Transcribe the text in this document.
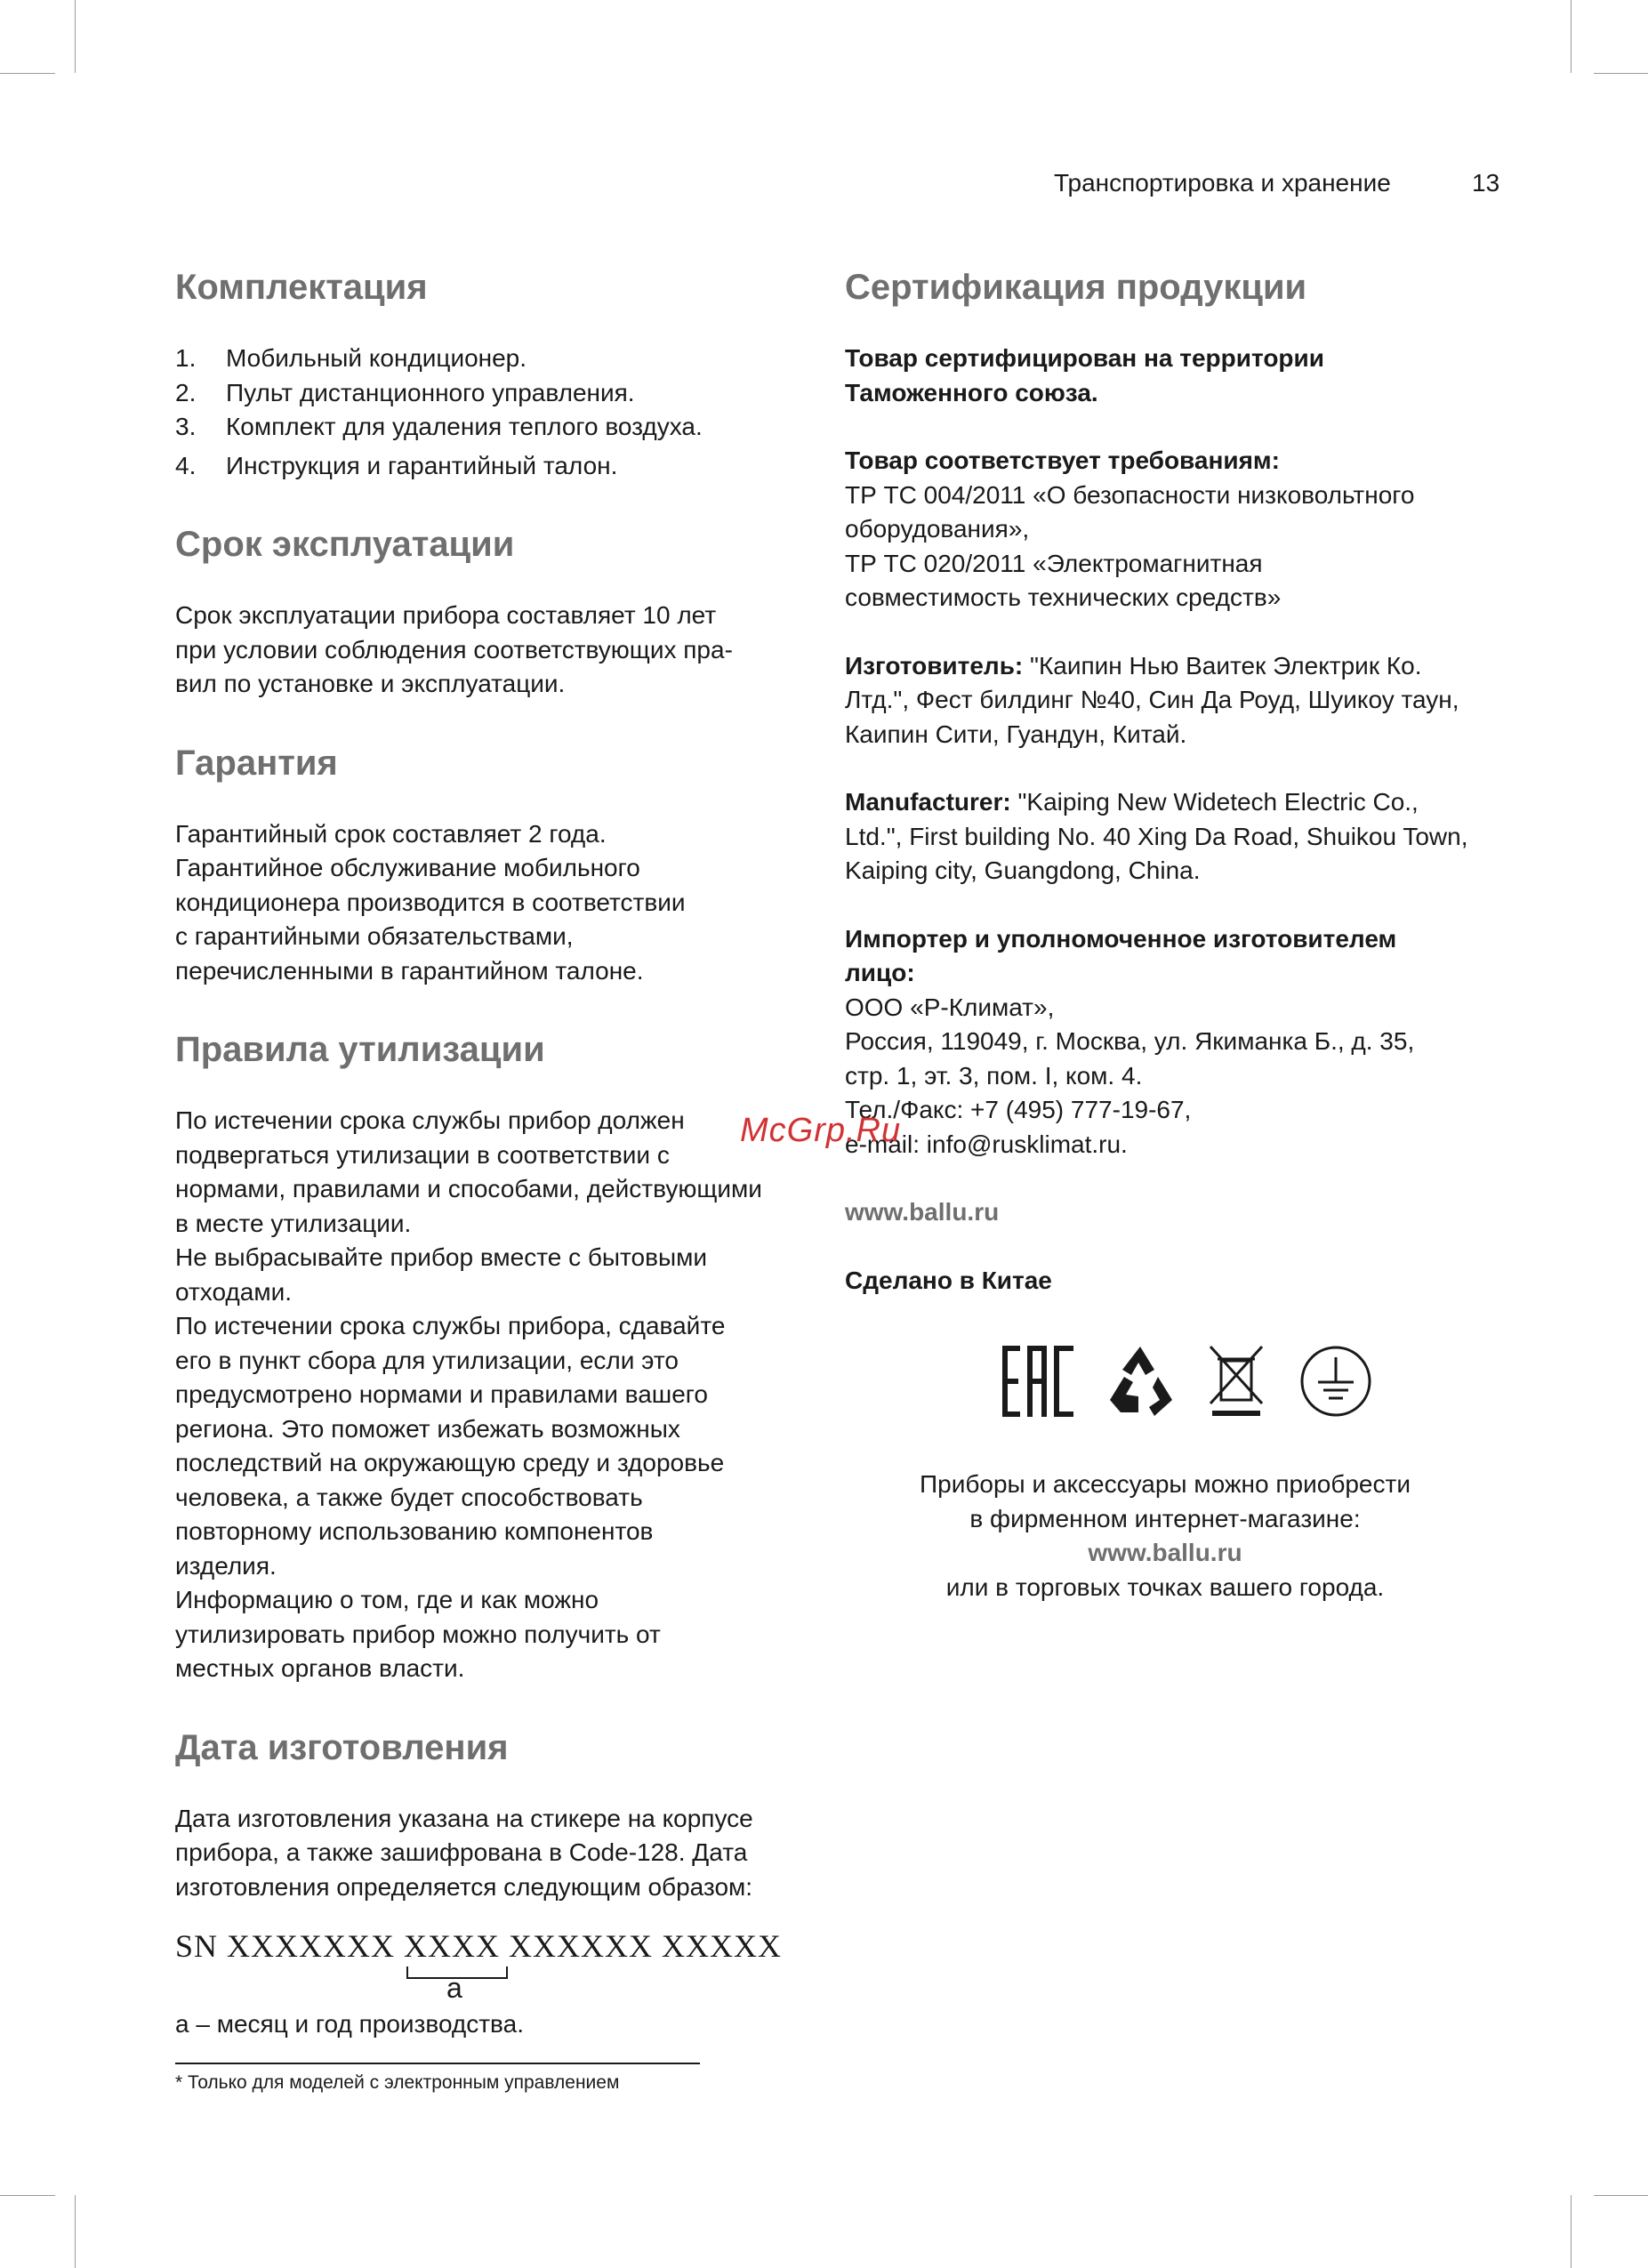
Транспортировка и хранение	13
Комплектация
1. Мобильный кондиционер.
2. Пульт дистанционного управления.
3. Комплект для удаления теплого воздуха.
4. Инструкция и гарантийный талон.
Срок эксплуатации

Срок эксплуатации прибора составляет 10 лет
при условии соблюдения соответствующих пра-
вил по установке и эксплуатации.

Гарантия

Гарантийный срок составляет 2 года.
Гарантийное обслуживание мобильного
кондиционера производится в соответствии
с гарантийными обязательствами,
перечисленными в гарантийном талоне.

Правила утилизации

По истечении срока службы прибор должен
подвергаться утилизации в соответствии с
нормами, правилами и способами, действующими
в месте утилизации.
Не выбрасывайте прибор вместе с бытовыми
отходами.
По истечении срока службы прибора, сдавайте
его в пункт сбора для утилизации, если это
предусмотрено нормами и правилами вашего
региона. Это поможет избежать возможных
последствий на окружающую среду и здоровье
человека, а также будет способствовать
повторному использованию компонентов
изделия.
Информацию о том, где и как можно
утилизировать прибор можно получить от
местных органов власти.

Дата изготовления

Дата изготовления указана на стикере на корпусе
прибора, а также зашифрована в Code-128. Дата
изготовления определяется следующим образом:

SN XXXXXXX XXXX XXXXXX XXXXX
a

a – месяц и год производства.

* Только для моделей с электронным управлением
Сертификация продукции

Товар сертифицирован на территории
Таможенного союза.

Товар соответствует требованиям:
ТР ТС 004/2011 «О безопасности низковольтного
оборудования»,
ТР ТС 020/2011 «Электромагнитная
совместимость технических средств»

Изготовитель: "Каипин Нью Ваитек Электрик Ко.
Лтд.", Фест билдинг №40, Син Да Роуд, Шуикоу таун,
Каипин Сити, Гуандун, Китай.

Manufacturer: "Kaiping New Widetech Electric Co.,
Ltd.", First building No. 40 Xing Da Road, Shuikou Town,
Kaiping city, Guangdong, China.

Импортер и уполномоченное изготовителем
лицо:
ООО «Р-Климат»,
Россия, 119049, г. Москва, ул. Якиманка Б., д. 35,
стр. 1, эт. 3, пом. I, ком. 4.
Тел./Факс: +7 (495) 777-19-67,
e-mail: info@rusklimat.ru.

www.ballu.ru

Сделано в Китае

Приборы и аксессуары можно приобрести
в фирменном интернет-магазине:
www.ballu.ru
или в торговых точках вашего города.
McGrp.Ru
